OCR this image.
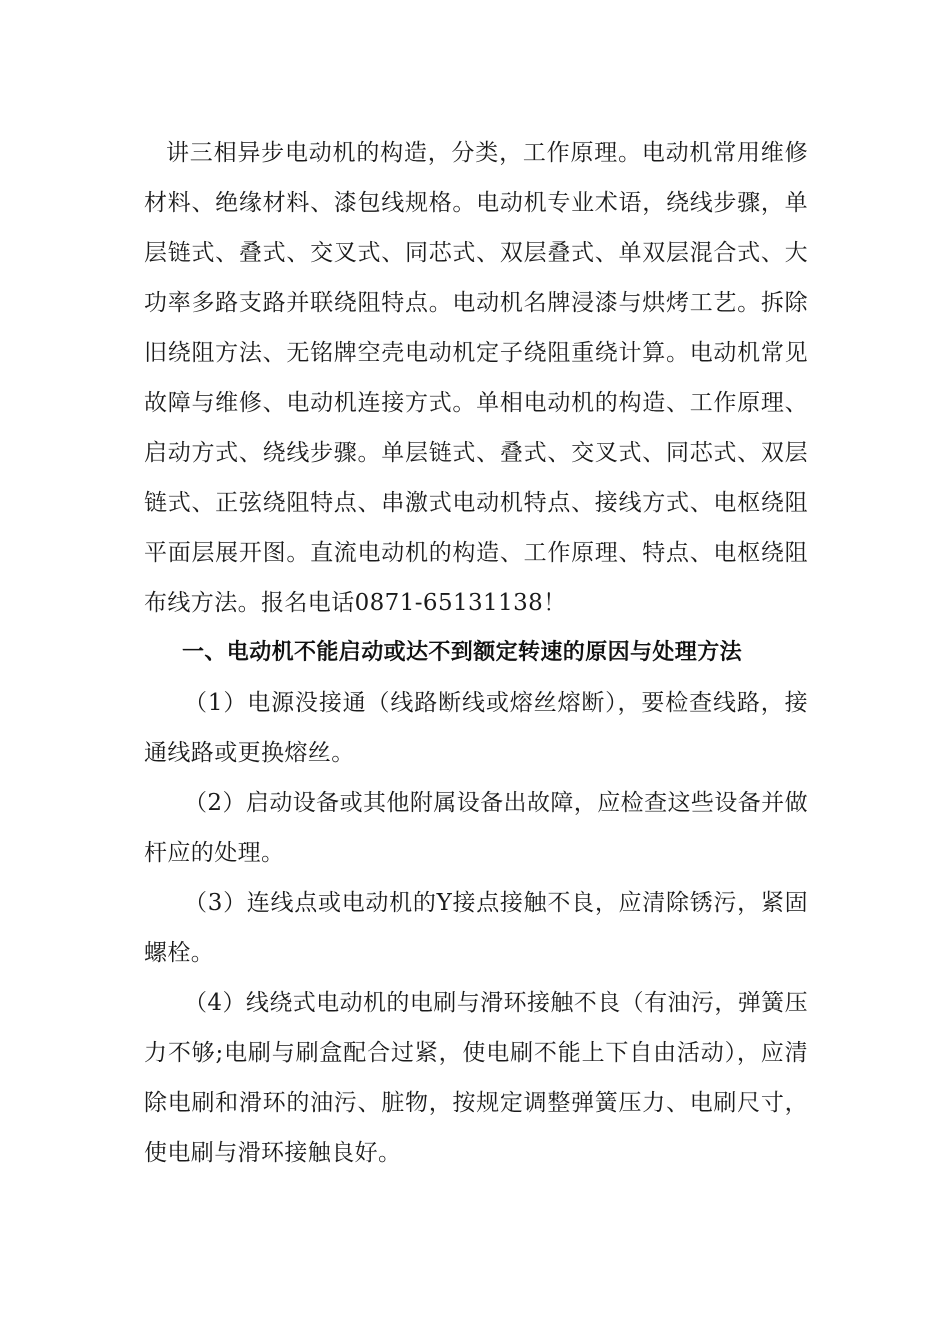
讲三相异步电动机的构造，分类，工作原理。电动机常用维修材料、绝缘材料、漆包线规格。电动机专业术语，绕线步骤，单层链式、叠式、交叉式、同芯式、双层叠式、单双层混合式、大功率多路支路并联绕阻特点。电动机名牌浸漆与烘烤工艺。拆除旧绕阻方法、无铭牌空壳电动机定子绕阻重绕计算。电动机常见故障与维修、电动机连接方式。单相电动机的构造、工作原理、启动方式、绕线步骤。单层链式、叠式、交叉式、同芯式、双层链式、正弦绕阻特点、串激式电动机特点、接线方式、电枢绕阻平面层展开图。直流电动机的构造、工作原理、特点、电枢绕阻布线方法。报名电话0871-65131138！

一、电动机不能启动或达不到额定转速的原因与处理方法

（1）电源没接通（线路断线或熔丝熔断），要检查线路，接通线路或更换熔丝。

（2）启动设备或其他附属设备出故障，应检查这些设备并做杆应的处理。

（3）连线点或电动机的Y接点接触不良，应清除锈污，紧固螺栓。

（4）线绕式电动机的电刷与滑环接触不良（有油污，弹簧压力不够;电刷与刷盒配合过紧，使电刷不能上下自由活动），应清除电刷和滑环的油污、脏物，按规定调整弹簧压力、电刷尺寸，使电刷与滑环接触良好。
